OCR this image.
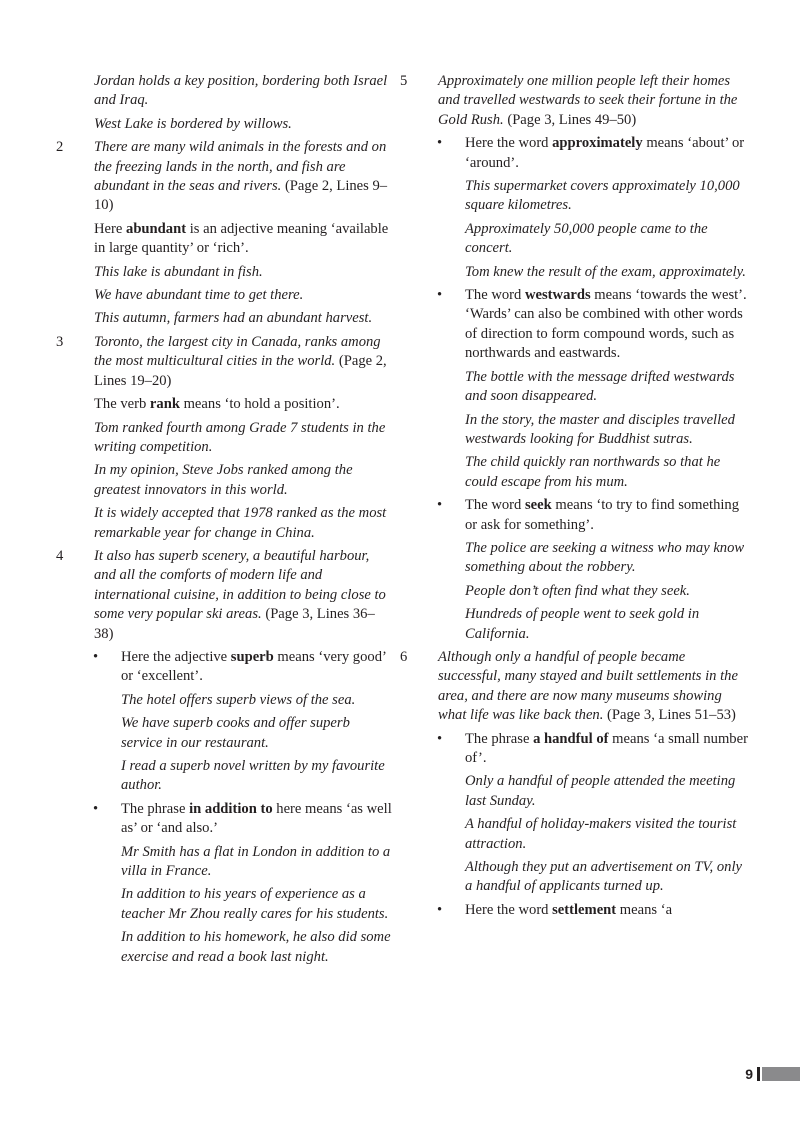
Jordan holds a key position, bordering both Israel and Iraq.

West Lake is bordered by willows.

2	There are many wild animals in the forests and on the freezing lands in the north, and fish are abundant in the seas and rivers. (Page 2, Lines 9–10)

Here abundant is an adjective meaning ‘available in large quantity’ or ‘rich’.

This lake is abundant in fish.

We have abundant time to get there.

This autumn, farmers had an abundant harvest.

3	Toronto, the largest city in Canada, ranks among the most multicultural cities in the world. (Page 2, Lines 19–20)

The verb rank means ‘to hold a position’.

Tom ranked fourth among Grade 7 students in the writing competition.

In my opinion, Steve Jobs ranked among the greatest innovators in this world.

It is widely accepted that 1978 ranked as the most remarkable year for change in China.

4	It also has superb scenery, a beautiful harbour, and all the comforts of modern life and international cuisine, in addition to being close to some very popular ski areas. (Page 3, Lines 36–38)

• Here the adjective superb means ‘very good’ or ‘excellent’.

The hotel offers superb views of the sea.

We have superb cooks and offer superb service in our restaurant.

I read a superb novel written by my favourite author.

• The phrase in addition to here means ‘as well as’ or ‘and also.’

Mr Smith has a flat in London in addition to a villa in France.

In addition to his years of experience as a teacher Mr Zhou really cares for his students.

In addition to his homework, he also did some exercise and read a book last night.

5	Approximately one million people left their homes and travelled westwards to seek their fortune in the Gold Rush. (Page 3, Lines 49–50)

• Here the word approximately means ‘about’ or ‘around’.

This supermarket covers approximately 10,000 square kilometres.

Approximately 50,000 people came to the concert.

Tom knew the result of the exam, approximately.

• The word westwards means ‘towards the west’. ‘Wards’ can also be combined with other words of direction to form compound words, such as northwards and eastwards.

The bottle with the message drifted westwards and soon disappeared.

In the story, the master and disciples travelled westwards looking for Buddhist sutras.

The child quickly ran northwards so that he could escape from his mum.

• The word seek means ‘to try to find something or ask for something’.

The police are seeking a witness who may know something about the robbery.

People don’t often find what they seek.

Hundreds of people went to seek gold in California.

6	Although only a handful of people became successful, many stayed and built settlements in the area, and there are now many museums showing what life was like back then. (Page 3, Lines 51–53)

• The phrase a handful of means ‘a small number of’.

Only a handful of people attended the meeting last Sunday.

A handful of holiday-makers visited the tourist attraction.

Although they put an advertisement on TV, only a handful of applicants turned up.

• Here the word settlement means ‘a

9
